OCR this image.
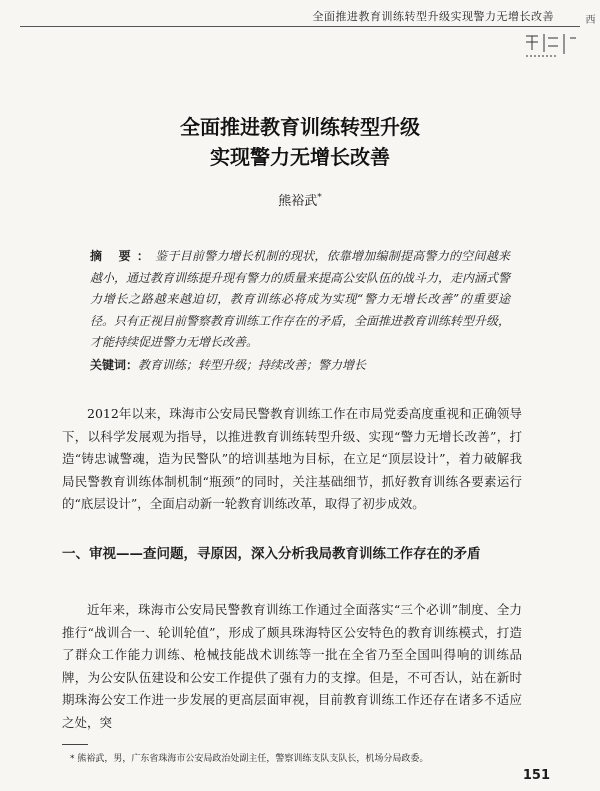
全面推进教育训练转型升级实现警力无增长改善	西
全面推进教育训练转型升级
实现警力无增长改善
熊裕武*
摘 要：鉴于目前警力增长机制的现状，依靠增加编制提高警力的空间越来越小，通过教育训练提升现有警力的质量来提高公安队伍的战斗力，走内涵式警力增长之路越来越迫切，教育训练必将成为实现“警力无增长改善”的重要途径。只有正视目前警察教育训练工作存在的矛盾，全面推进教育训练转型升级，才能持续促进警力无增长改善。
关键词：教育训练；转型升级；持续改善；警力增长
2012年以来，珠海市公安局民警教育训练工作在市局党委高度重视和正确领导下，以科学发展观为指导，以推进教育训练转型升级、实现“警力无增长改善”，打造“铸忠诚警魂，造为民警队”的培训基地为目标，在立足“顶层设计”，着力破解我局民警教育训练体制机制“瓶颈”的同时，关注基础细节，抓好教育训练各要素运行的“底层设计”，全面启动新一轮教育训练改革，取得了初步成效。
一、审视——查问题，寻原因，深入分析我局教育训练工作存在的矛盾
近年来，珠海市公安局民警教育训练工作通过全面落实“三个必训”制度、全力推行“战训合一、轮训轮值”，形成了颇具珠海特区公安特色的教育训练模式，打造了群众工作能力训练、枪械技能战术训练等一批在全省乃至全国叫得响的训练品牌，为公安队伍建设和公安工作提供了强有力的支撑。但是，不可否认，站在新时期珠海公安工作进一步发展的更高层面审视，目前教育训练工作还存在诸多不适应之处，突
* 熊裕武，男，广东省珠海市公安局政治处副主任，警察训练支队支队长，机场分局政委。
151
